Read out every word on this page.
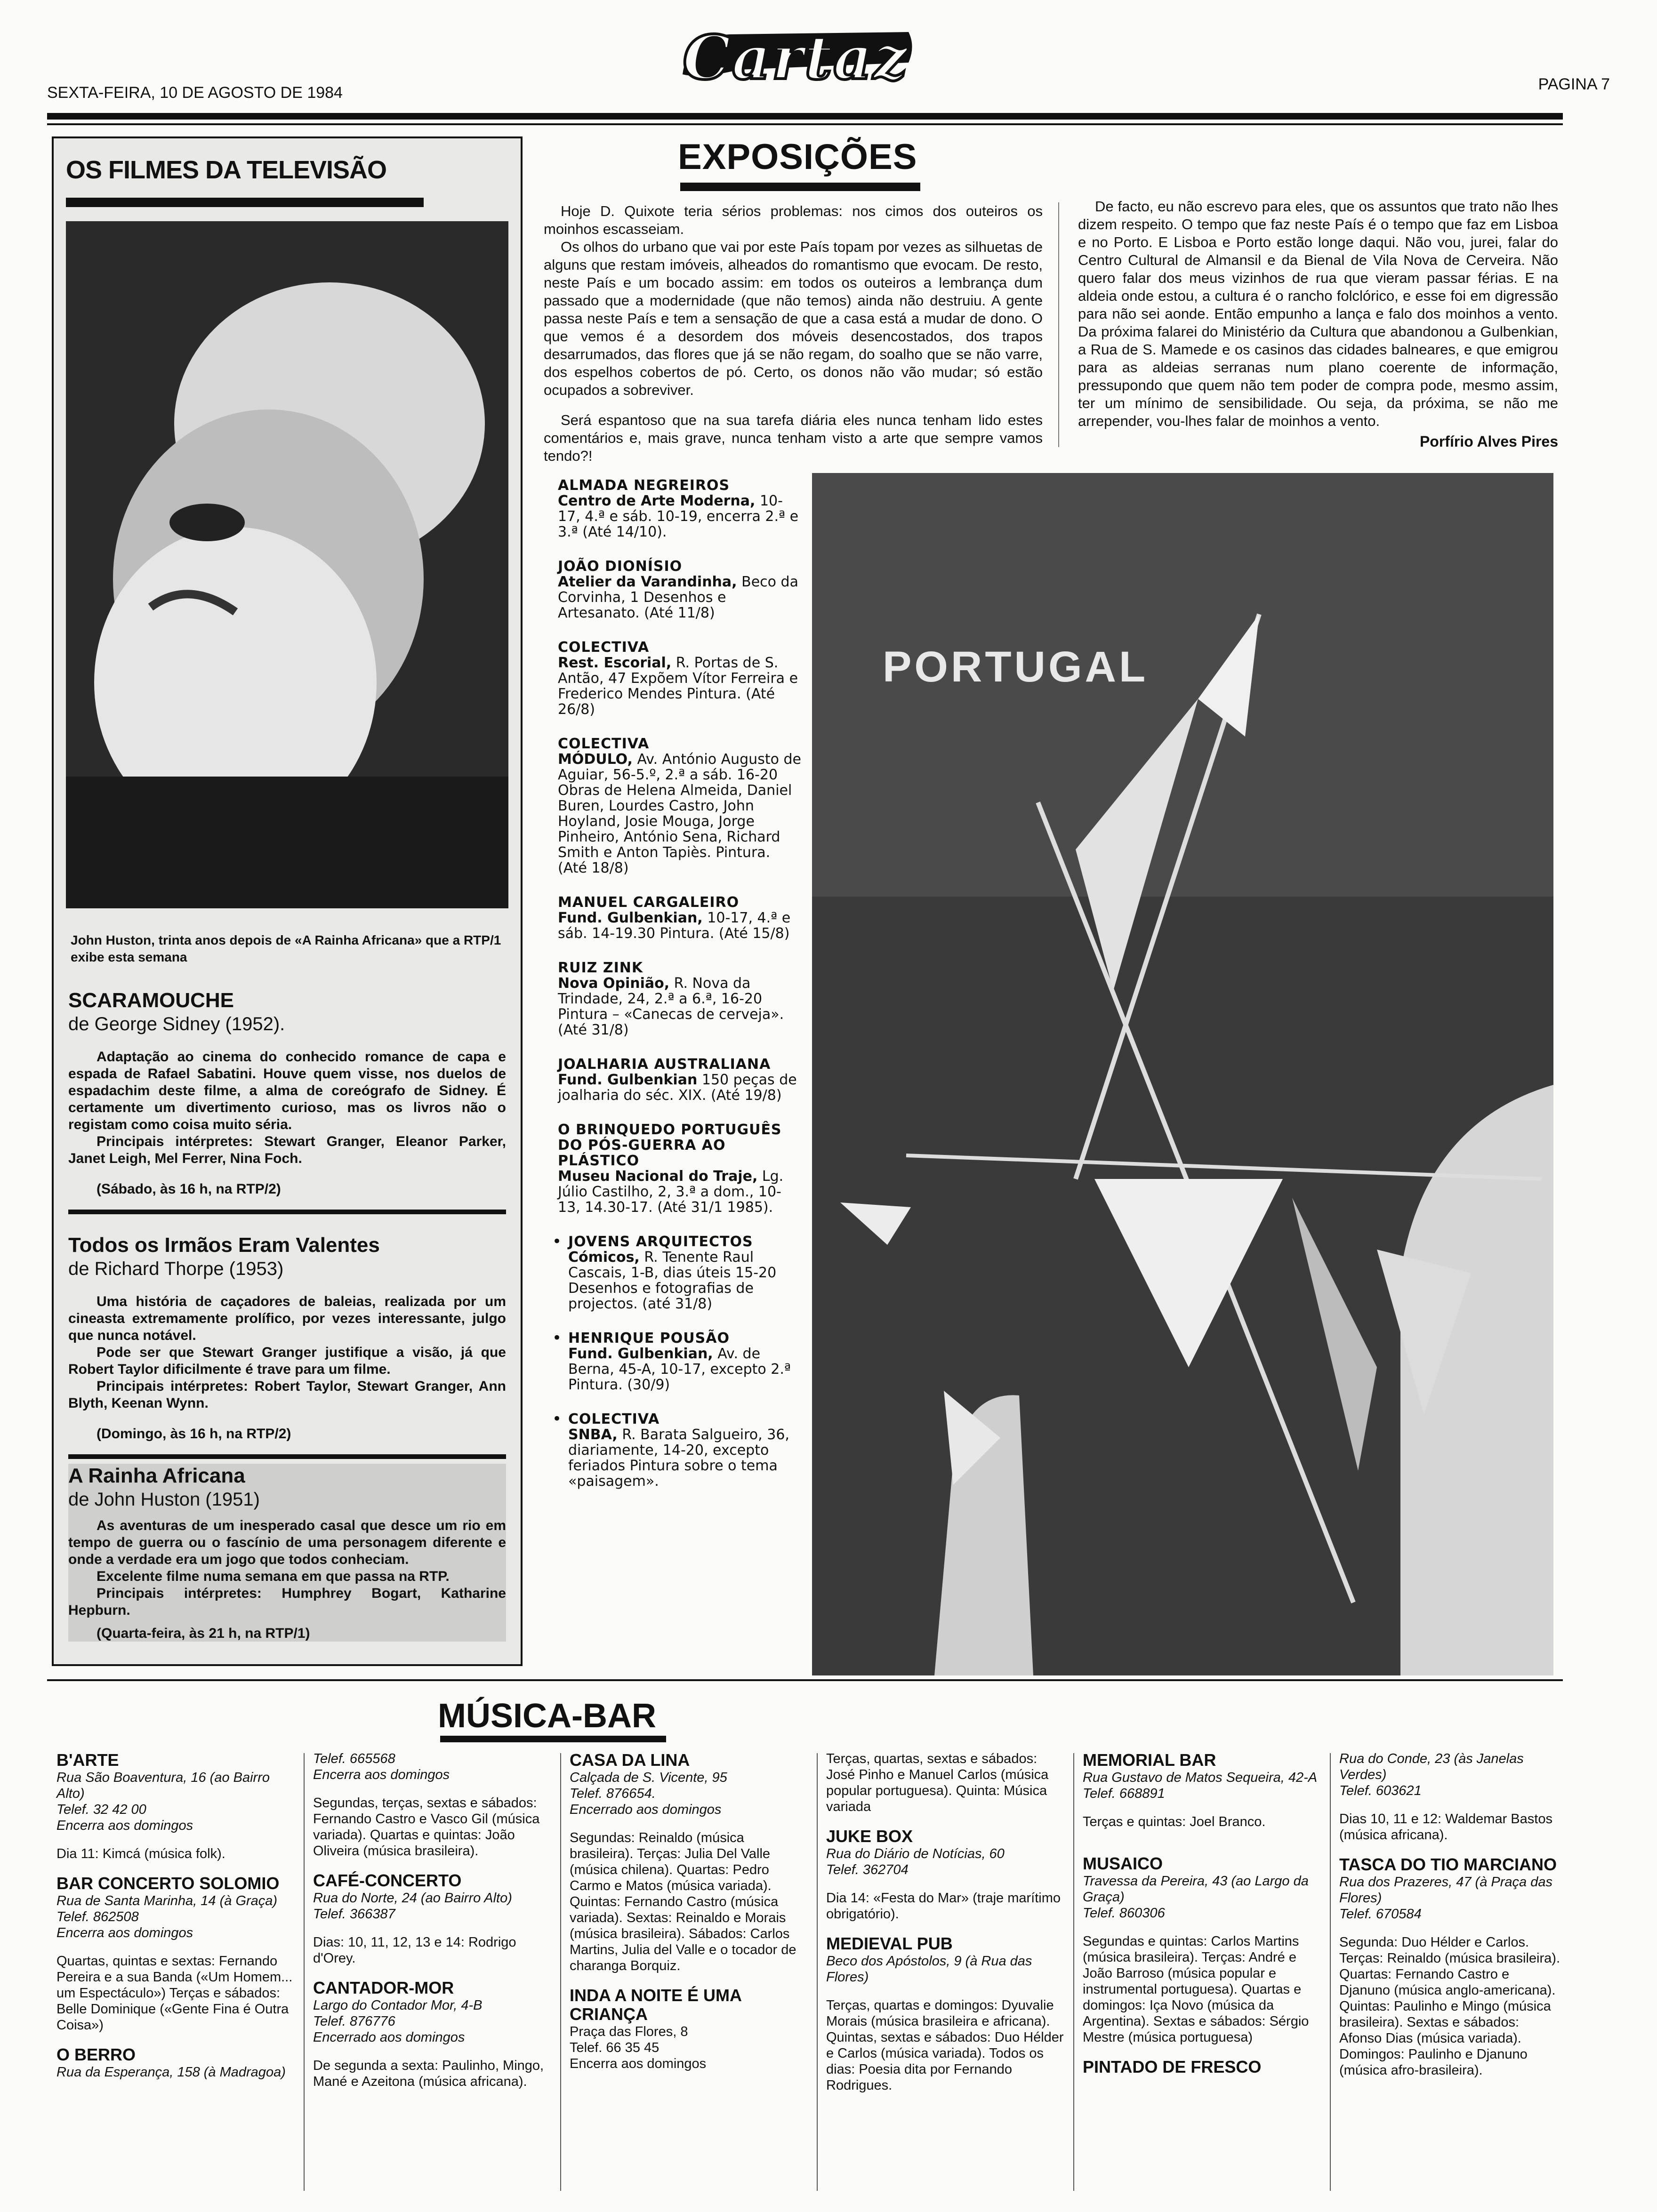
SEXTA-FEIRA, 10 DE AGOSTO DE 1984	Cartaz	PAGINA 7
OS FILMES DA TELEVISÃO
John Huston, trinta anos depois de «A Rainha Africana» que a RTP/1 exibe esta semana
SCARAMOUCHE
de George Sidney (1952).

Adaptação ao cinema do conhecido romance de capa e espada de Rafael Sabatini. Houve quem visse, nos duelos de espadachim deste filme, a alma de coreógrafo de Sidney. É certamente um divertimento curioso, mas os livros não o registam como coisa muito séria.

Principais intérpretes: Stewart Granger, Eleanor Parker, Janet Leigh, Mel Ferrer, Nina Foch.

(Sábado, às 16 h, na RTP/2)
Todos os Irmãos Eram Valentes
de Richard Thorpe (1953)

Uma história de caçadores de baleias, realizada por um cineasta extremamente prolífico, por vezes interessante, julgo que nunca notável.

Pode ser que Stewart Granger justifique a visão, já que Robert Taylor dificilmente é trave para um filme.

Principais intérpretes: Robert Taylor, Stewart Granger, Ann Blyth, Keenan Wynn.

(Domingo, às 16 h, na RTP/2)
A Rainha Africana
de John Huston (1951)

As aventuras de um inesperado casal que desce um rio em tempo de guerra ou o fascínio de uma personagem diferente e onde a verdade era um jogo que todos conheciam.

Excelente filme numa semana em que passa na RTP.

Principais intérpretes: Humphrey Bogart, Katharine Hepburn.

(Quarta-feira, às 21 h, na RTP/1)
EXPOSIÇÕES

Hoje D. Quixote teria sérios problemas: nos cimos dos outeiros os moinhos escasseiam.

Os olhos do urbano que vai por este País topam por vezes as silhuetas de alguns que restam imóveis, alheados do romantismo que evocam. De resto, neste País e um bocado assim: em todos os outeiros a lembrança dum passado que a modernidade (que não temos) ainda não destruiu. A gente passa neste País e tem a sensação de que a casa está a mudar de dono. O que vemos é a desordem dos móveis desencostados, dos trapos desarrumados, das flores que já se não regam, do soalho que se não varre, dos espelhos cobertos de pó. Certo, os donos não vão mudar; só estão ocupados a sobreviver.

Será espantoso que na sua tarefa diária eles nunca tenham lido estes comentários e, mais grave, nunca tenham visto a arte que sempre vamos tendo?!

De facto, eu não escrevo para eles, que os assuntos que trato não lhes dizem respeito. O tempo que faz neste País é o tempo que faz em Lisboa e no Porto. E Lisboa e Porto estão longe daqui. Não vou, jurei, falar do Centro Cultural de Almansil e da Bienal de Vila Nova de Cerveira. Não quero falar dos meus vizinhos de rua que vieram passar férias. E na aldeia onde estou, a cultura é o rancho folclórico, e esse foi em digressão para não sei aonde. Então empunho a lança e falo dos moinhos a vento. Da próxima falarei do Ministério da Cultura que abandonou a Gulbenkian, a Rua de S. Mamede e os casinos das cidades balneares, e que emigrou para as aldeias serranas num plano coerente de informação, pressupondo que quem não tem poder de compra pode, mesmo assim, ter um mínimo de sensibilidade. Ou seja, da próxima, se não me arrepender, vou-lhes falar de moinhos a vento.

Porfírio Alves Pires
ALMADA NEGREIROS
Centro de Arte Moderna, 10-17, 4.ª e sáb. 10-19, encerra 2.ª e 3.ª (Até 14/10).
JOÃO DIONÍSIO
Atelier da Varandinha, Beco da Corvinha, 1 Desenhos e Artesanato. (Até 11/8)
COLECTIVA
Rest. Escorial, R. Portas de S. Antão, 47 Expõem Vítor Ferreira e Frederico Mendes Pintura. (Até 26/8)
COLECTIVA
MÓDULO, Av. António Augusto de Aguiar, 56-5.º, 2.ª a sáb. 16-20 Obras de Helena Almeida, Daniel Buren, Lourdes Castro, John Hoyland, Josie Mouga, Jorge Pinheiro, António Sena, Richard Smith e Anton Tapiès. Pintura. (Até 18/8)
MANUEL CARGALEIRO
Fund. Gulbenkian, 10-17, 4.ª e sáb. 14-19.30 Pintura. (Até 15/8)
RUIZ ZINK
Nova Opinião, R. Nova da Trindade, 24, 2.ª a 6.ª, 16-20 Pintura – «Canecas de cerveja». (Até 31/8)
JOALHARIA AUSTRALIANA
Fund. Gulbenkian 150 peças de joalharia do séc. XIX. (Até 19/8)
O BRINQUEDO PORTUGUÊS DO PÓS-GUERRA AO PLÁSTICO
Museu Nacional do Traje, Lg. Júlio Castilho, 2, 3.ª a dom., 10-13, 14.30-17. (Até 31/1 1985).
• JOVENS ARQUITECTOS
Cómicos, R. Tenente Raul Cascais, 1-B, dias úteis 15-20 Desenhos e fotografias de projectos. (até 31/8)
• HENRIQUE POUSÃO
Fund. Gulbenkian, Av. de Berna, 45-A, 10-17, excepto 2.ª Pintura. (30/9)
• COLECTIVA
SNBA, R. Barata Salgueiro, 36, diariamente, 14-20, excepto feriados Pintura sobre o tema «paisagem».
PORTUGAL
MÚSICA-BAR
B'ARTE
Rua São Boaventura, 16 (ao Bairro Alto)
Telef. 32 42 00
Encerra aos domingos
Dia 11: Kimcá (música folk).
BAR CONCERTO SOLOMIO
Rua de Santa Marinha, 14 (à Graça)
Telef. 862508
Encerra aos domingos
Quartas, quintas e sextas: Fernando Pereira e a sua Banda («Um Homem... um Espectáculo») Terças e sábados: Belle Dominique («Gente Fina é Outra Coisa»)
O BERRO
Rua da Esperança, 158 (à Madragoa)
Telef. 665568
Encerra aos domingos
Segundas, terças, sextas e sábados: Fernando Castro e Vasco Gil (música variada). Quartas e quintas: João Oliveira (música brasileira).
CAFÉ-CONCERTO
Rua do Norte, 24 (ao Bairro Alto)
Telef. 366387
Dias: 10, 11, 12, 13 e 14: Rodrigo d'Orey.
CANTADOR-MOR
Largo do Contador Mor, 4-B
Telef. 876776
Encerrado aos domingos
De segunda a sexta: Paulinho, Mingo, Mané e Azeitona (música africana).
CASA DA LINA
Calçada de S. Vicente, 95
Telef. 876654.
Encerrado aos domingos
Segundas: Reinaldo (música brasileira). Terças: Julia Del Valle (música chilena). Quartas: Pedro Carmo e Matos (música variada). Quintas: Fernando Castro (música variada). Sextas: Reinaldo e Morais (música brasileira). Sábados: Carlos Martins, Julia del Valle e o tocador de charanga Borquiz.
INDA A NOITE É UMA CRIANÇA
Praça das Flores, 8
Telef. 66 35 45
Encerra aos domingos
Terças, quartas, sextas e sábados: José Pinho e Manuel Carlos (música popular portuguesa). Quinta: Música variada
JUKE BOX
Rua do Diário de Notícias, 60
Telef. 362704
Dia 14: «Festa do Mar» (traje marítimo obrigatório).
MEDIEVAL PUB
Beco dos Apóstolos, 9 (à Rua das Flores)
Terças, quartas e domingos: Dyuvalie Morais (música brasileira e africana). Quintas, sextas e sábados: Duo Hélder e Carlos (música variada). Todos os dias: Poesia dita por Fernando Rodrigues.
MEMORIAL BAR
Rua Gustavo de Matos Sequeira, 42-A
Telef. 668891
Terças e quintas: Joel Branco.
MUSAICO
Travessa da Pereira, 43 (ao Largo da Graça)
Telef. 860306
Segundas e quintas: Carlos Martins (música brasileira). Terças: André e João Barroso (música popular e instrumental portuguesa). Quartas e domingos: Iça Novo (música da Argentina). Sextas e sábados: Sérgio Mestre (música portuguesa)
PINTADO DE FRESCO
Rua do Conde, 23 (às Janelas Verdes)
Telef. 603621
Dias 10, 11 e 12: Waldemar Bastos (música africana).
TASCA DO TIO MARCIANO
Rua dos Prazeres, 47 (à Praça das Flores)
Telef. 670584
Segunda: Duo Hélder e Carlos. Terças: Reinaldo (música brasileira). Quartas: Fernando Castro e Djanuno (música anglo-americana). Quintas: Paulinho e Mingo (música brasileira). Sextas e sábados: Afonso Dias (música variada). Domingos: Paulinho e Djanuno (música afro-brasileira).
